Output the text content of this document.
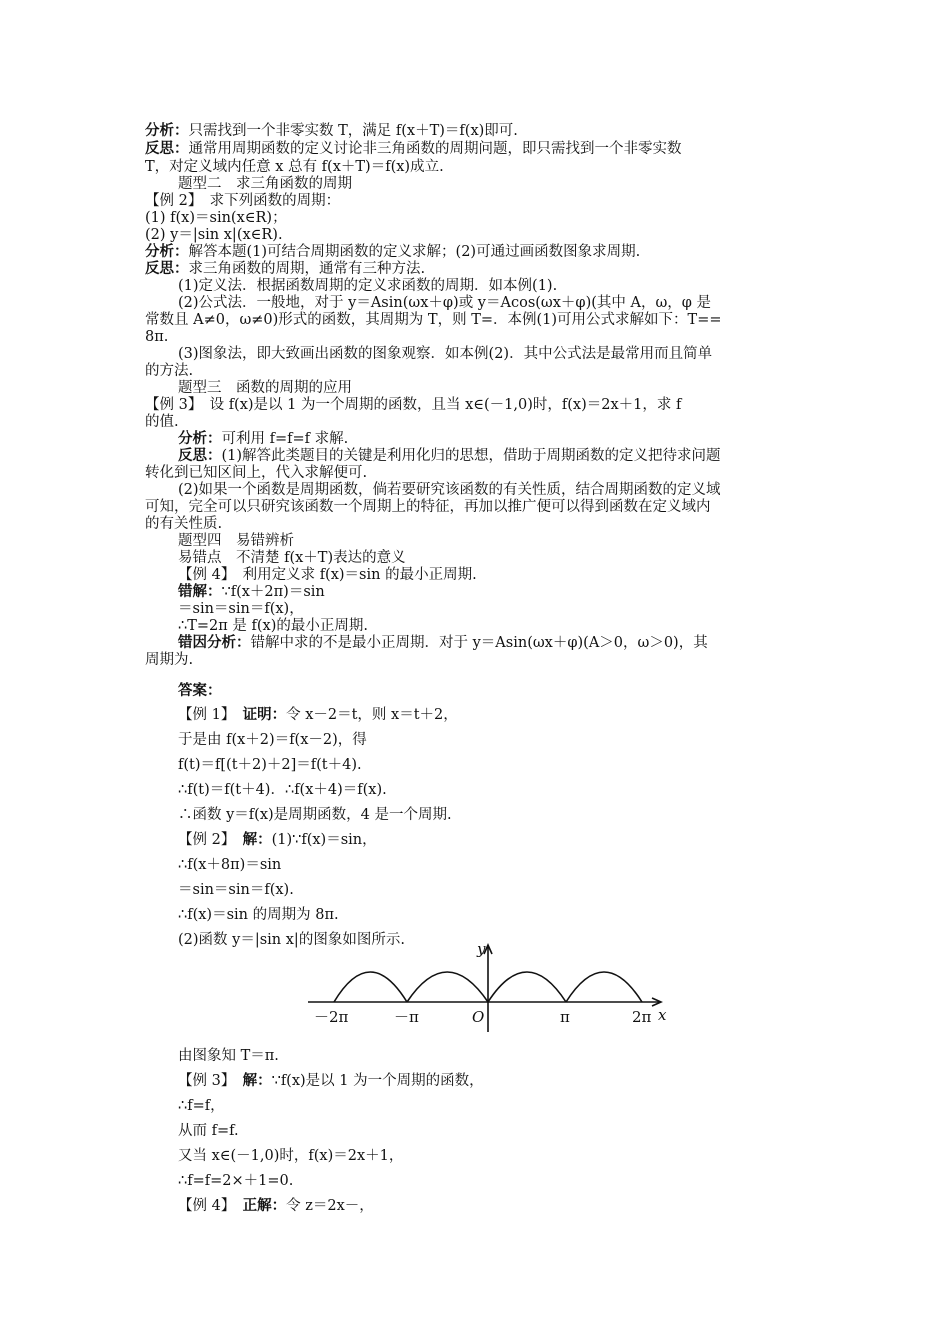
分析：只需找到一个非零实数 T，满足 f(x＋T)＝f(x)即可.
反思：通常用周期函数的定义讨论非三角函数的周期问题，即只需找到一个非零实数
T，对定义域内任意 x 总有 f(x＋T)＝f(x)成立.
题型二　求三角函数的周期
【例 2】　求下列函数的周期：
(1) f(x)＝sin(x∈R)；
(2) y＝|sin x|(x∈R).
分析：解答本题(1)可结合周期函数的定义求解；(2)可通过画函数图象求周期.
反思：求三角函数的周期，通常有三种方法.
(1)定义法．根据函数周期的定义求函数的周期．如本例(1).
(2)公式法．一般地，对于 y＝Asin(ωx＋φ)或 y＝Acos(ωx＋φ)(其中 A，ω，φ 是
常数且 A≠0，ω≠0)形式的函数，其周期为 T，则 T=．本例(1)可用公式求解如下：T==
8π.
(3)图象法，即大致画出函数的图象观察．如本例(2)．其中公式法是最常用而且简单
的方法.
题型三　函数的周期的应用
【例 3】　设 f(x)是以 1 为一个周期的函数，且当 x∈(－1,0)时，f(x)＝2x＋1，求 f
的值.
分析：可利用 f=f=f 求解.
反思：(1)解答此类题目的关键是利用化归的思想，借助于周期函数的定义把待求问题
转化到已知区间上，代入求解便可.
(2)如果一个函数是周期函数，倘若要研究该函数的有关性质，结合周期函数的定义域
可知，完全可以只研究该函数一个周期上的特征，再加以推广便可以得到函数在定义域内
的有关性质.
题型四　易错辨析
易错点　不清楚 f(x＋T)表达的意义
【例 4】　利用定义求 f(x)＝sin 的最小正周期.
错解：∵f(x＋2π)＝sin
＝sin＝sin＝f(x)，
∴T=2π 是 f(x)的最小正周期.
错因分析：错解中求的不是最小正周期．对于 y＝Asin(ωx＋φ)(A＞0，ω＞0)，其
周期为.
答案：
【例 1】　 证明：令 x－2＝t，则 x＝t＋2，
于是由 f(x＋2)＝f(x－2)，得
f(t)＝f[(t＋2)＋2]＝f(t＋4).
∴f(t)＝f(t＋4)．∴f(x＋4)＝f(x).
∴函数 y＝f(x)是周期函数，4 是一个周期.
【例 2】　 解：(1)∵f(x)＝sin，
∴f(x＋8π)＝sin
＝sin＝sin＝f(x).
∴f(x)＝sin 的周期为 8π.
(2)函数 y＝|sin x|的图象如图所示.	y
x
O
－2π	－π	π	2π
由图象知 T＝π.
【例 3】　 解：∵f(x)是以 1 为一个周期的函数，
∴f=f，
从而 f=f.
又当 x∈(－1,0)时，f(x)＝2x＋1，
∴f=f=2×＋1=0.
【例 4】　 正解：令 z＝2x－，
